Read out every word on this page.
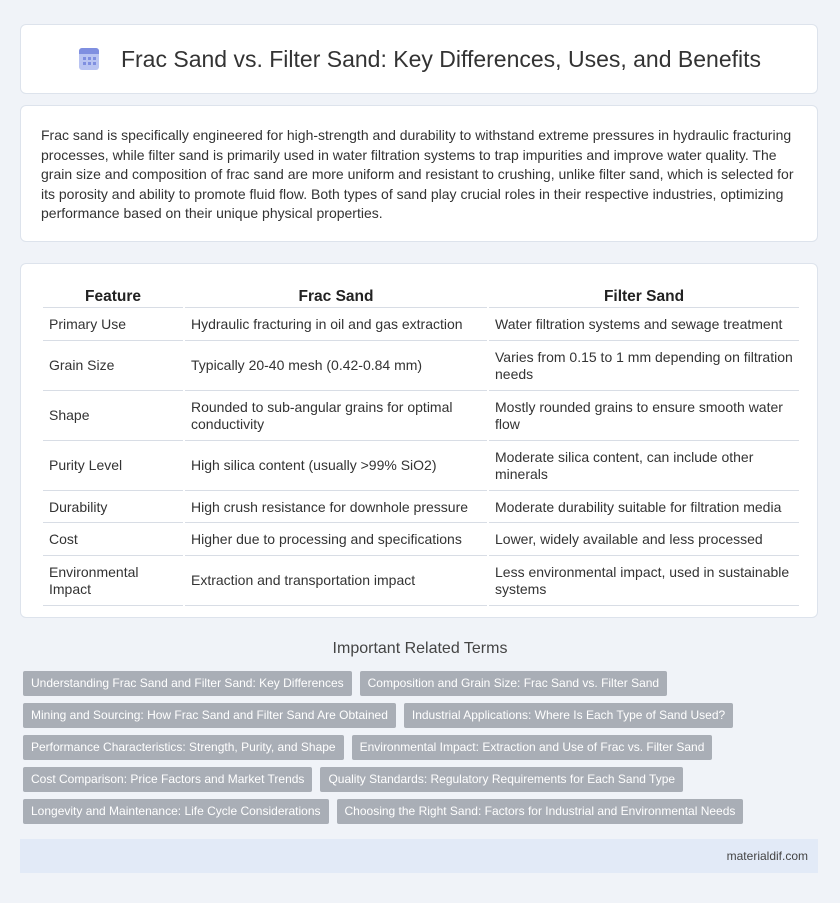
Frac Sand vs. Filter Sand: Key Differences, Uses, and Benefits

Frac sand is specifically engineered for high-strength and durability to withstand extreme pressures in hydraulic fracturing processes, while filter sand is primarily used in water filtration systems to trap impurities and improve water quality. The grain size and composition of frac sand are more uniform and resistant to crushing, unlike filter sand, which is selected for its porosity and ability to promote fluid flow. Both types of sand play crucial roles in their respective industries, optimizing performance based on their unique physical properties.

Feature	Frac Sand	Filter Sand
Primary Use	Hydraulic fracturing in oil and gas extraction	Water filtration systems and sewage treatment
Grain Size	Typically 20-40 mesh (0.42-0.84 mm)	Varies from 0.15 to 1 mm depending on filtration needs
Shape	Rounded to sub-angular grains for optimal conductivity	Mostly rounded grains to ensure smooth water flow
Purity Level	High silica content (usually >99% SiO2)	Moderate silica content, can include other minerals
Durability	High crush resistance for downhole pressure	Moderate durability suitable for filtration media
Cost	Higher due to processing and specifications	Lower, widely available and less processed
Environmental Impact	Extraction and transportation impact	Less environmental impact, used in sustainable systems
Important Related Terms
Understanding Frac Sand and Filter Sand: Key Differences	Composition and Grain Size: Frac Sand vs. Filter Sand
Mining and Sourcing: How Frac Sand and Filter Sand Are Obtained	Industrial Applications: Where Is Each Type of Sand Used?
Performance Characteristics: Strength, Purity, and Shape	Environmental Impact: Extraction and Use of Frac vs. Filter Sand
Cost Comparison: Price Factors and Market Trends	Quality Standards: Regulatory Requirements for Each Sand Type
Longevity and Maintenance: Life Cycle Considerations	Choosing the Right Sand: Factors for Industrial and Environmental Needs
materialdif.com
